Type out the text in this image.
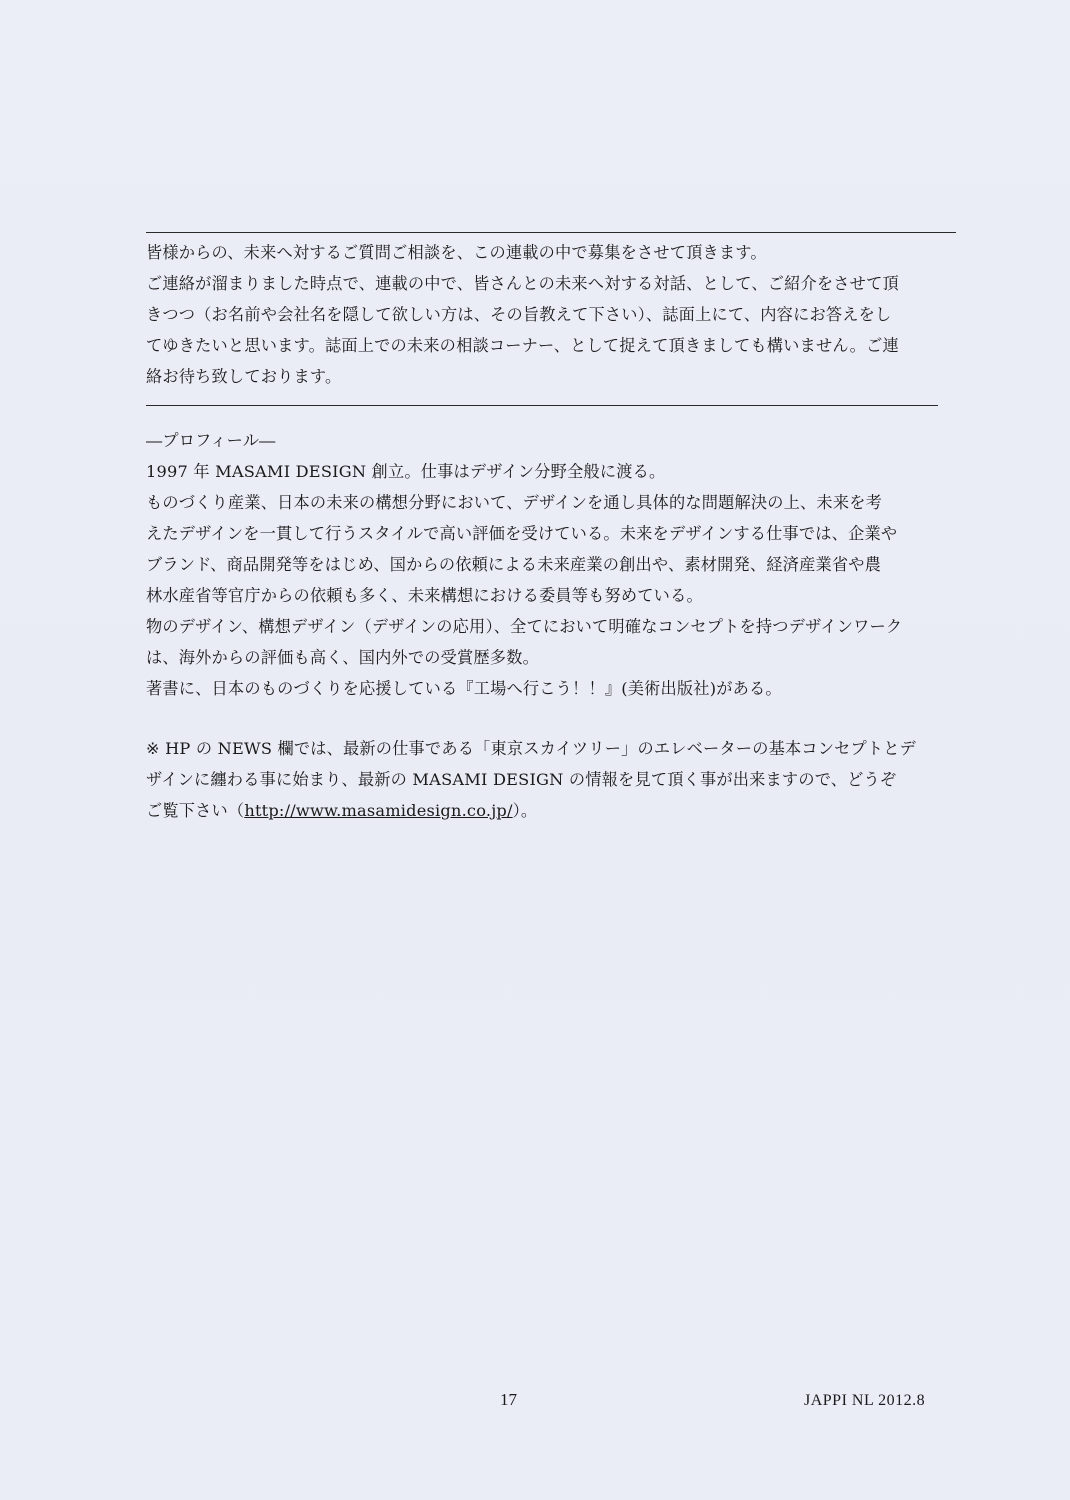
皆様からの、未来へ対するご質問ご相談を、この連載の中で募集をさせて頂きます。
ご連絡が溜まりました時点で、連載の中で、皆さんとの未来へ対する対話、として、ご紹介をさせて頂
きつつ（お名前や会社名を隠して欲しい方は、その旨教えて下さい）、誌面上にて、内容にお答えをし
てゆきたいと思います。誌面上での未来の相談コーナー、として捉えて頂きましても構いません。ご連
絡お待ち致しております。
―プロフィール―
1997 年 MASAMI DESIGN 創立。仕事はデザイン分野全般に渡る。
ものづくり産業、日本の未来の構想分野において、デザインを通し具体的な問題解決の上、未来を考
えたデザインを一貫して行うスタイルで高い評価を受けている。未来をデザインする仕事では、企業や
ブランド、商品開発等をはじめ、国からの依頼による未来産業の創出や、素材開発、経済産業省や農
林水産省等官庁からの依頼も多く、未来構想における委員等も努めている。
物のデザイン、構想デザイン（デザインの応用）、全てにおいて明確なコンセプトを持つデザインワーク
は、海外からの評価も高く、国内外での受賞歴多数。
著書に、日本のものづくりを応援している『工場へ行こう！！』(美術出版社)がある。
※ HP の NEWS 欄では、最新の仕事である「東京スカイツリー」のエレベーターの基本コンセプトとデ
ザインに纏わる事に始まり、最新の MASAMI DESIGN の情報を見て頂く事が出来ますので、どうぞ
ご覧下さい（http://www.masamidesign.co.jp/）。
17	JAPPI NL 2012.8
